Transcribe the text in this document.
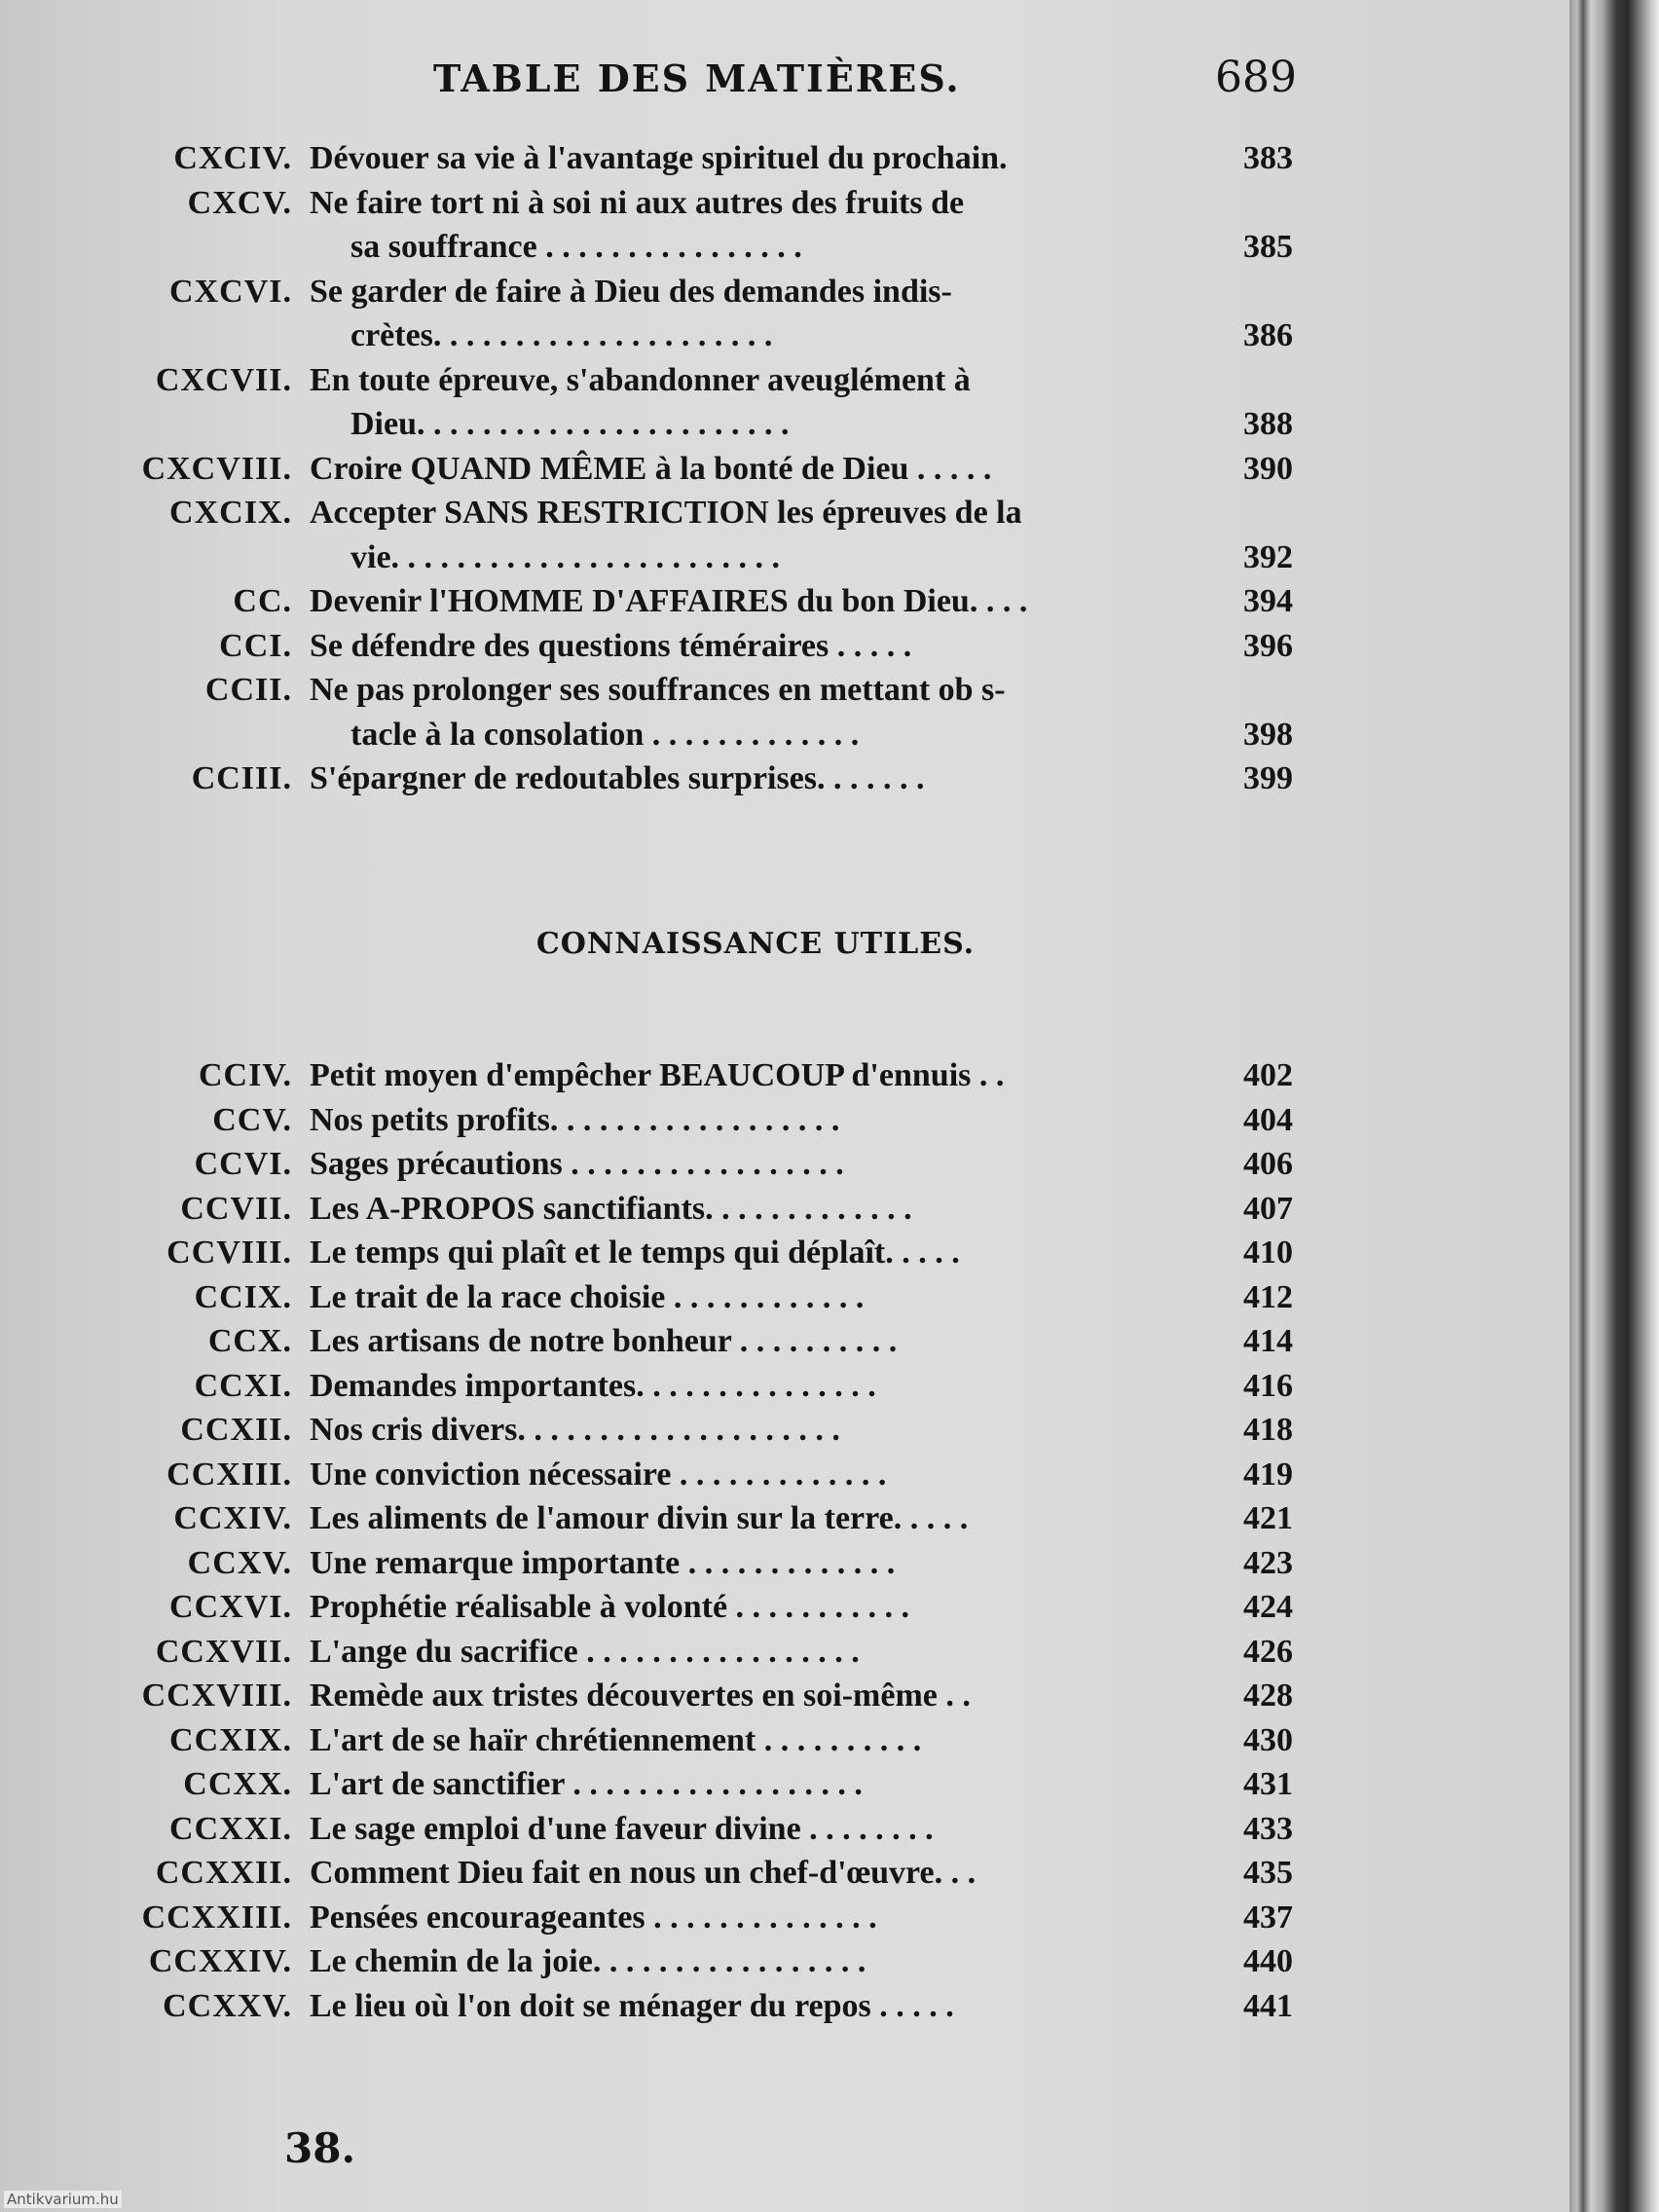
TABLE DES MATIÈRES.	689
CXCIV. Dévouer sa vie à l'avantage spirituel du prochain.	383
CXCV. Ne faire tort ni à soi ni aux autres des fruits de
sa souffrance . . . . . . . . . . . . . . . .	385
CXCVI. Se garder de faire à Dieu des demandes indis-
crètes. . . . . . . . . . . . . . . . . . . . .	386
CXCVII. En toute épreuve, s'abandonner aveuglément à
Dieu. . . . . . . . . . . . . . . . . . . . . . .	388
CXCVIII. Croire QUAND MÊME à la bonté de Dieu . . . . .	390
CXCIX. Accepter SANS RESTRICTION les épreuves de la
vie. . . . . . . . . . . . . . . . . . . . . . . .	392
CC. Devenir l'HOMME D'AFFAIRES du bon Dieu. . . .	394
CCI. Se défendre des questions téméraires . . . . .	396
CCII. Ne pas prolonger ses souffrances en mettant ob s-
tacle à la consolation . . . . . . . . . . . . .	398
CCIII. S'épargner de redoutables surprises. . . . . . .	399
CONNAISSANCE UTILES.
CCIV. Petit moyen d'empêcher BEAUCOUP d'ennuis . .	402
CCV. Nos petits profits. . . . . . . . . . . . . . . . . .	404
CCVI. Sages précautions . . . . . . . . . . . . . . . . .	406
CCVII. Les A-PROPOS sanctifiants. . . . . . . . . . . . .	407
CCVIII. Le temps qui plaît et le temps qui déplaît. . . . .	410
CCIX. Le trait de la race choisie . . . . . . . . . . . .	412
CCX. Les artisans de notre bonheur . . . . . . . . . .	414
CCXI. Demandes importantes. . . . . . . . . . . . . . .	416
CCXII. Nos cris divers. . . . . . . . . . . . . . . . . . . .	418
CCXIII. Une conviction nécessaire . . . . . . . . . . . . .	419
CCXIV. Les aliments de l'amour divin sur la terre. . . . .	421
CCXV. Une remarque importante . . . . . . . . . . . . .	423
CCXVI. Prophétie réalisable à volonté . . . . . . . . . . .	424
CCXVII. L'ange du sacrifice . . . . . . . . . . . . . . . . .	426
CCXVIII. Remède aux tristes découvertes en soi-même . .	428
CCXIX. L'art de se haïr chrétiennement . . . . . . . . . .	430
CCXX. L'art de sanctifier . . . . . . . . . . . . . . . . . .	431
CCXXI. Le sage emploi d'une faveur divine . . . . . . . .	433
CCXXII. Comment Dieu fait en nous un chef-d'œuvre. . .	435
CCXXIII. Pensées encourageantes . . . . . . . . . . . . . .	437
CCXXIV. Le chemin de la joie. . . . . . . . . . . . . . . . .	440
CCXXV. Le lieu où l'on doit se ménager du repos . . . . .	441
38.
Antikvarium.hu
